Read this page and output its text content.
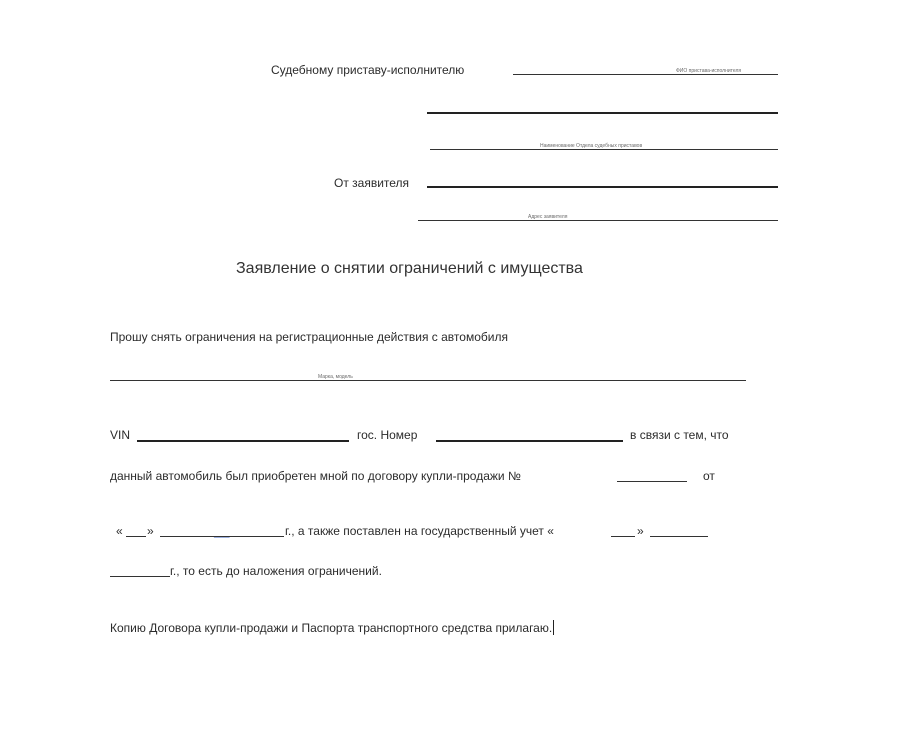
Судебному приставу-исполнителю	ФИО пристава-исполнителя
Наименование Отдела судебных приставов
От заявителя
Адрес заявителя
Заявление о снятии ограничений с имущества
Прошу снять ограничения на регистрационные действия с автомобиля
Марка, модель
VIN	гос. Номер	в связи с тем, что
данный автомобиль был приобретен мной по договору купли-продажи №	от
« »	____	г., а также поставлен на государственный учет «	»
г., то есть до наложения ограничений.
Копию Договора купли-продажи и Паспорта транспортного средства прилагаю.
